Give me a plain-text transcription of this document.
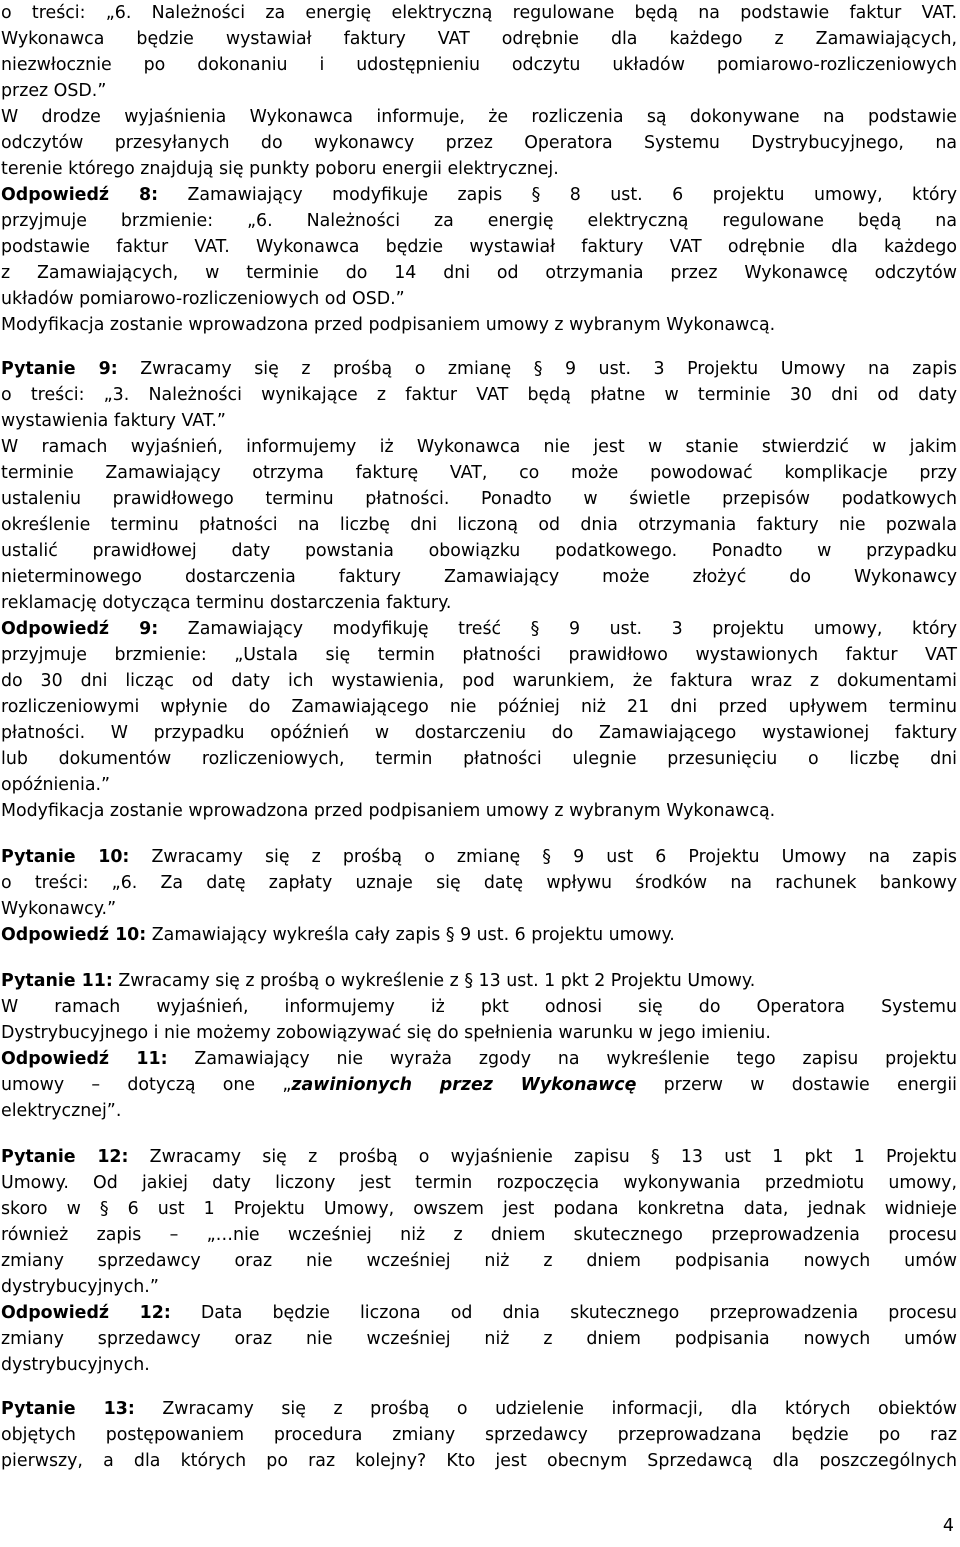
o treści: „6. Należności za energię elektryczną regulowane będą na podstawie faktur VAT.
Wykonawca będzie wystawiał faktury VAT odrębnie dla każdego z Zamawiających,
niezwłocznie po dokonaniu i udostępnieniu odczytu układów pomiarowo-rozliczeniowych
przez OSD.”
W drodze wyjaśnienia Wykonawca informuje, że rozliczenia są dokonywane na podstawie
odczytów przesyłanych do wykonawcy przez Operatora Systemu Dystrybucyjnego, na
terenie którego znajdują się punkty poboru energii elektrycznej.
Odpowiedź 8: Zamawiający modyfikuje zapis § 8 ust. 6 projektu umowy, który
przyjmuje brzmienie: „6. Należności za energię elektryczną regulowane będą na
podstawie faktur VAT. Wykonawca będzie wystawiał faktury VAT odrębnie dla każdego
z Zamawiających, w terminie do 14 dni od otrzymania przez Wykonawcę odczytów
układów pomiarowo-rozliczeniowych od OSD.”
Modyfikacja zostanie wprowadzona przed podpisaniem umowy z wybranym Wykonawcą.
Pytanie 9: Zwracamy się z prośbą o zmianę § 9 ust. 3 Projektu Umowy na zapis
o treści: „3. Należności wynikające z faktur VAT będą płatne w terminie 30 dni od daty
wystawienia faktury VAT.”
W ramach wyjaśnień, informujemy iż Wykonawca nie jest w stanie stwierdzić w jakim
terminie Zamawiający otrzyma fakturę VAT, co może powodować komplikacje przy
ustaleniu prawidłowego terminu płatności. Ponadto w świetle przepisów podatkowych
określenie terminu płatności na liczbę dni liczoną od dnia otrzymania faktury nie pozwala
ustalić prawidłowej daty powstania obowiązku podatkowego. Ponadto w przypadku
nieterminowego dostarczenia faktury Zamawiający może złożyć do Wykonawcy
reklamację dotycząca terminu dostarczenia faktury.
Odpowiedź 9: Zamawiający modyfikuję treść § 9 ust. 3 projektu umowy, który
przyjmuje brzmienie: „Ustala się termin płatności prawidłowo wystawionych faktur VAT
do 30 dni licząc od daty ich wystawienia, pod warunkiem, że faktura wraz z dokumentami
rozliczeniowymi wpłynie do Zamawiającego nie później niż 21 dni przed upływem terminu
płatności. W przypadku opóźnień w dostarczeniu do Zamawiającego wystawionej faktury
lub dokumentów rozliczeniowych, termin płatności ulegnie przesunięciu o liczbę dni
opóźnienia.”
Modyfikacja zostanie wprowadzona przed podpisaniem umowy z wybranym Wykonawcą.
Pytanie 10: Zwracamy się z prośbą o zmianę § 9 ust 6 Projektu Umowy na zapis
o treści: „6. Za datę zapłaty uznaje się datę wpływu środków na rachunek bankowy
Wykonawcy.”
Odpowiedź 10: Zamawiający wykreśla cały zapis § 9 ust. 6 projektu umowy.
Pytanie 11: Zwracamy się z prośbą o wykreślenie z § 13 ust. 1 pkt 2 Projektu Umowy.
W ramach wyjaśnień, informujemy iż pkt odnosi się do Operatora Systemu
Dystrybucyjnego i nie możemy zobowiązywać się do spełnienia warunku w jego imieniu.
Odpowiedź 11: Zamawiający nie wyraża zgody na wykreślenie tego zapisu projektu
umowy – dotyczą one „zawinionych przez Wykonawcę przerw w dostawie energii
elektrycznej”.
Pytanie 12: Zwracamy się z prośbą o wyjaśnienie zapisu § 13 ust 1 pkt 1 Projektu
Umowy. Od jakiej daty liczony jest termin rozpoczęcia wykonywania przedmiotu umowy,
skoro w § 6 ust 1 Projektu Umowy, owszem jest podana konkretna data, jednak widnieje
również zapis – „…nie wcześniej niż z dniem skutecznego przeprowadzenia procesu
zmiany sprzedawcy oraz nie wcześniej niż z dniem podpisania nowych umów
dystrybucyjnych.”
Odpowiedź 12: Data będzie liczona od dnia skutecznego przeprowadzenia procesu
zmiany sprzedawcy oraz nie wcześniej niż z dniem podpisania nowych umów
dystrybucyjnych.
Pytanie 13: Zwracamy się z prośbą o udzielenie informacji, dla których obiektów
objętych postępowaniem procedura zmiany sprzedawcy przeprowadzana będzie po raz
pierwszy, a dla których po raz kolejny? Kto jest obecnym Sprzedawcą dla poszczególnych
4
